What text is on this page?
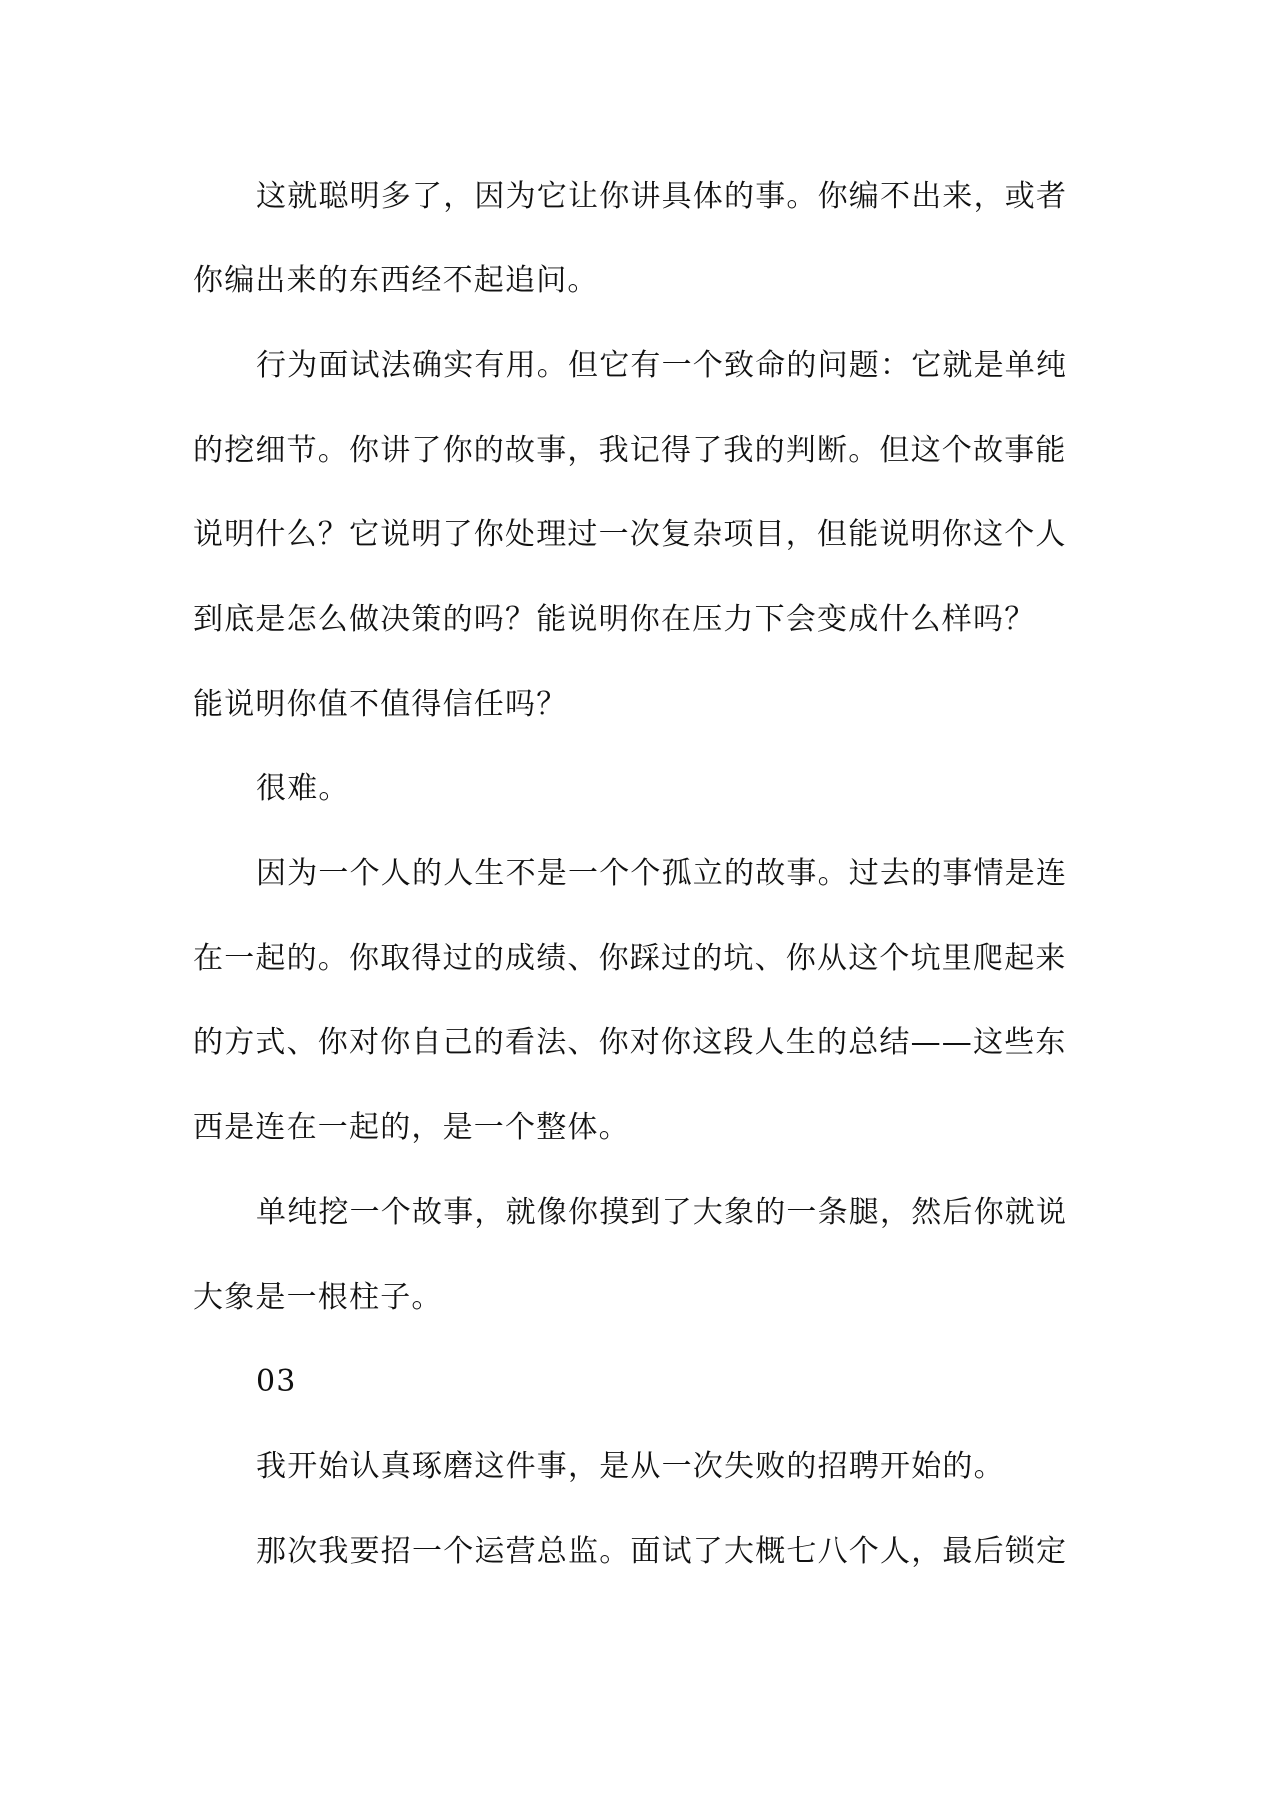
这就聪明多了，因为它让你讲具体的事。你编不出来，或者
你编出来的东西经不起追问。
行为面试法确实有用。但它有一个致命的问题：它就是单纯
的挖细节。你讲了你的故事，我记得了我的判断。但这个故事能
说明什么？它说明了你处理过一次复杂项目，但能说明你这个人
到底是怎么做决策的吗？能说明你在压力下会变成什么样吗？
能说明你值不值得信任吗？
很难。
因为一个人的人生不是一个个孤立的故事。过去的事情是连
在一起的。你取得过的成绩、你踩过的坑、你从这个坑里爬起来
的方式、你对你自己的看法、你对你这段人生的总结——这些东
西是连在一起的，是一个整体。
单纯挖一个故事，就像你摸到了大象的一条腿，然后你就说
大象是一根柱子。
03
我开始认真琢磨这件事，是从一次失败的招聘开始的。
那次我要招一个运营总监。面试了大概七八个人，最后锁定
